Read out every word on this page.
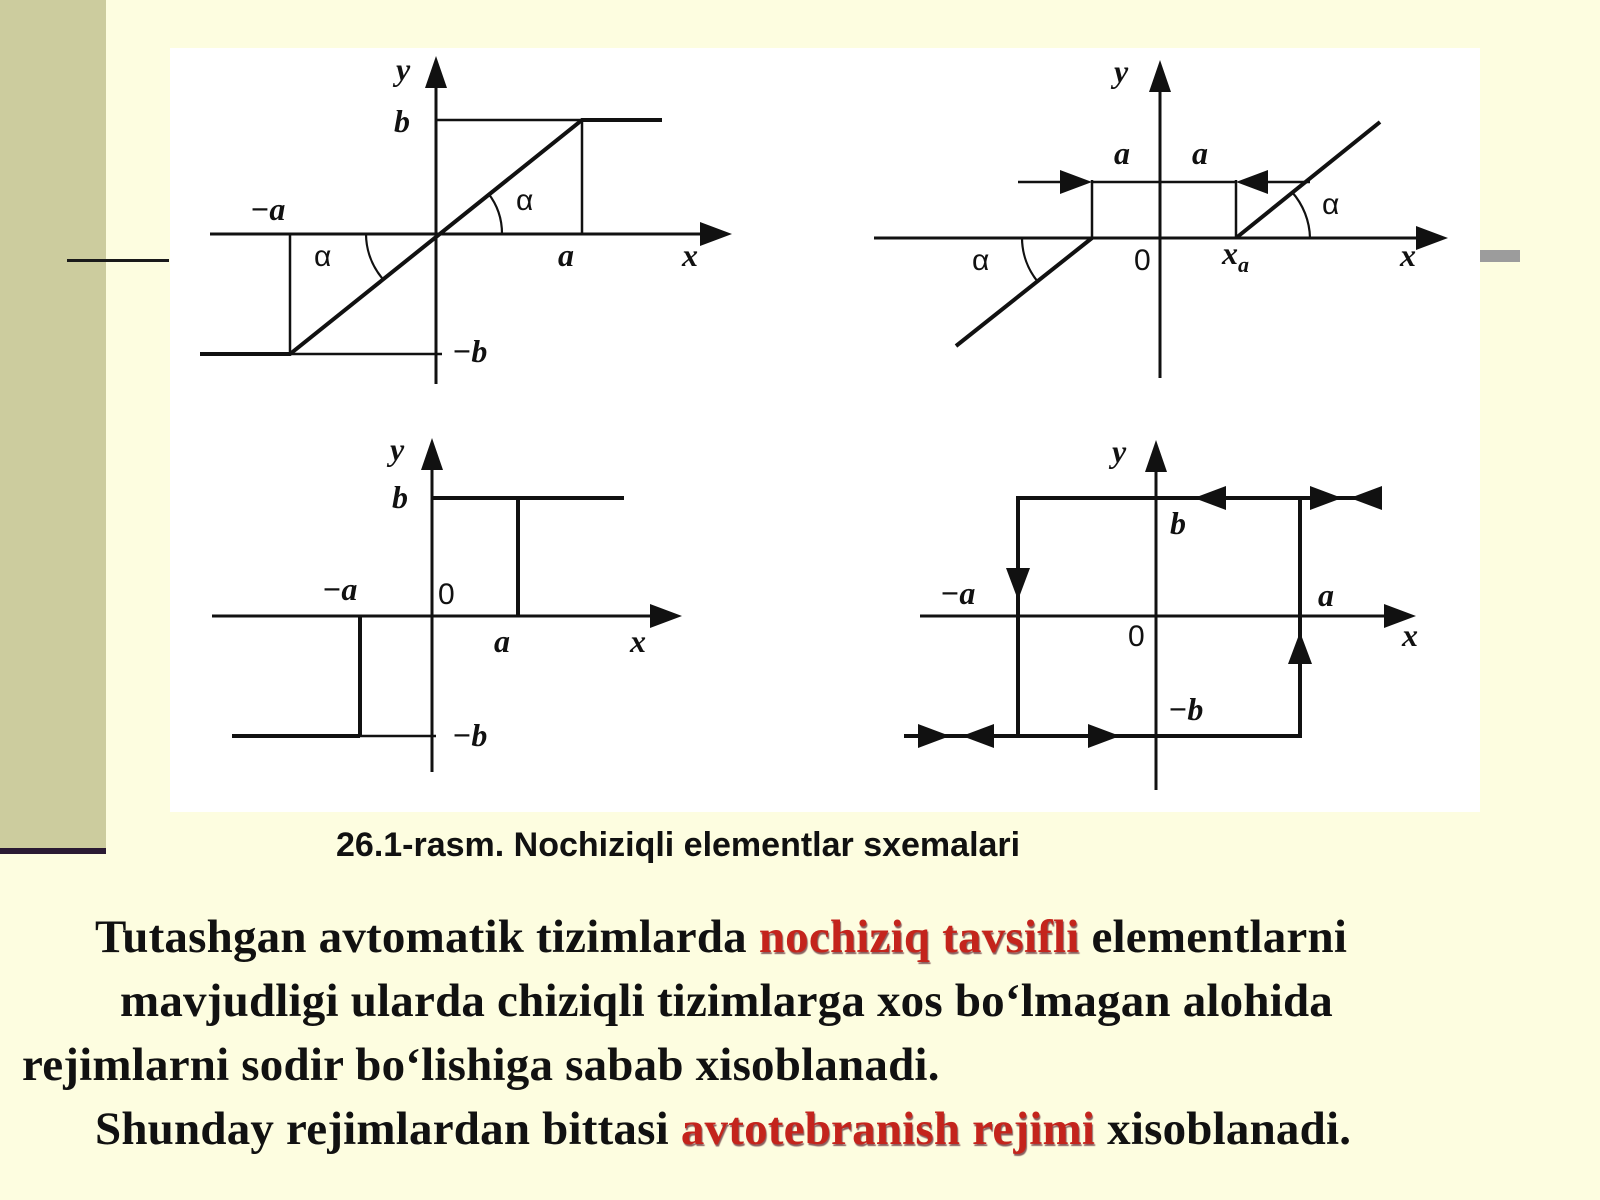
y
b
−a	α
α	a	x
−b
y
a a
α
α	0 $x_a$	x
y
b
−a	0
a	x
−b
y
b
−a	a
0	x
−b
26.1-rasm. Nochiziqli elementlar sxemalari
Tutashgan avtomatik tizimlarda nochiziq tavsifli elementlarni
mavjudligi ularda chiziqli tizimlarga xos bo‘lmagan alohida
rejimlarni sodir bo‘lishiga sabab xisoblanadi.
Shunday rejimlardan bittasi avtotebranish rejimi xisoblanadi.
